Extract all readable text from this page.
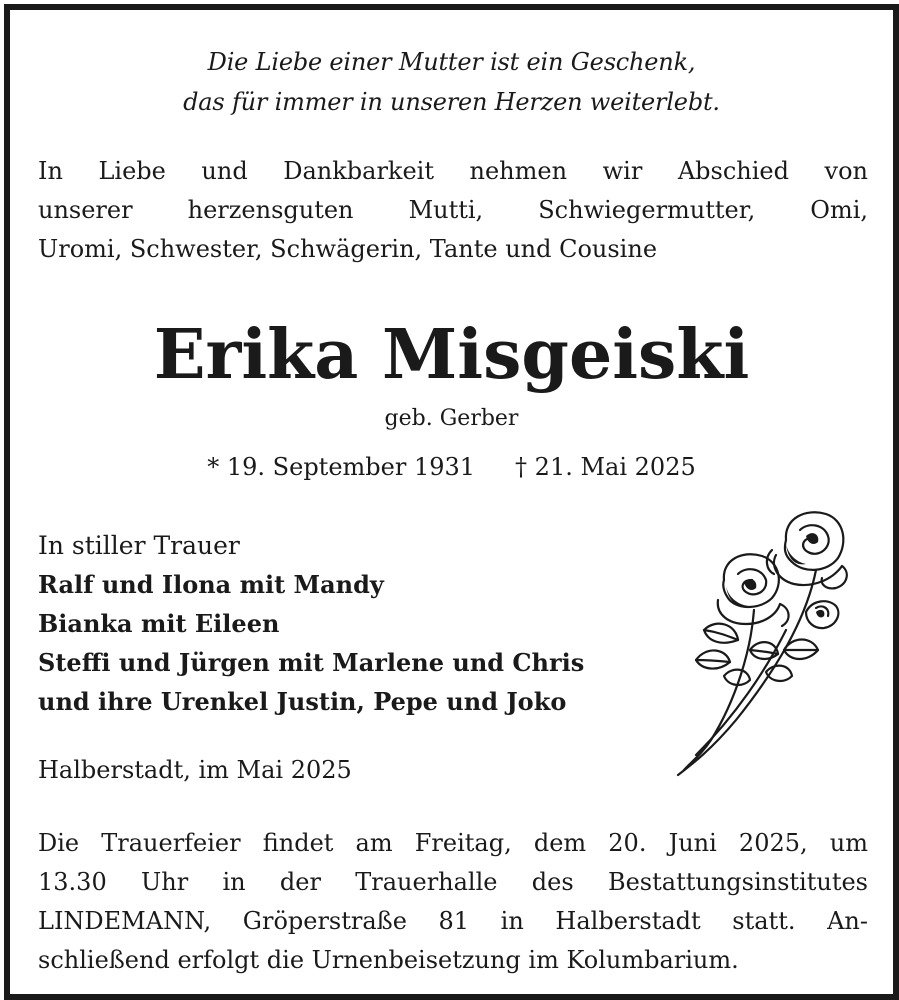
Die Liebe einer Mutter ist ein Geschenk,
das für immer in unseren Herzen weiterlebt.
In Liebe und Dankbarkeit nehmen wir Abschied von
unserer herzensguten Mutti, Schwiegermutter, Omi,
Uromi, Schwester, Schwägerin, Tante und Cousine
Erika Misgeiski
geb. Gerber
* 19. September 1931 † 21. Mai 2025
In stiller Trauer
Ralf und Ilona mit Mandy
Bianka mit Eileen
Steffi und Jürgen mit Marlene und Chris
und ihre Urenkel Justin, Pepe und Joko
Halberstadt, im Mai 2025
Die Trauerfeier findet am Freitag, dem 20. Juni 2025, um
13.30 Uhr in der Trauerhalle des Bestattungsinstitutes
LINDEMANN, Gröperstraße 81 in Halberstadt statt. An-
schließend erfolgt die Urnenbeisetzung im Kolumbarium.
